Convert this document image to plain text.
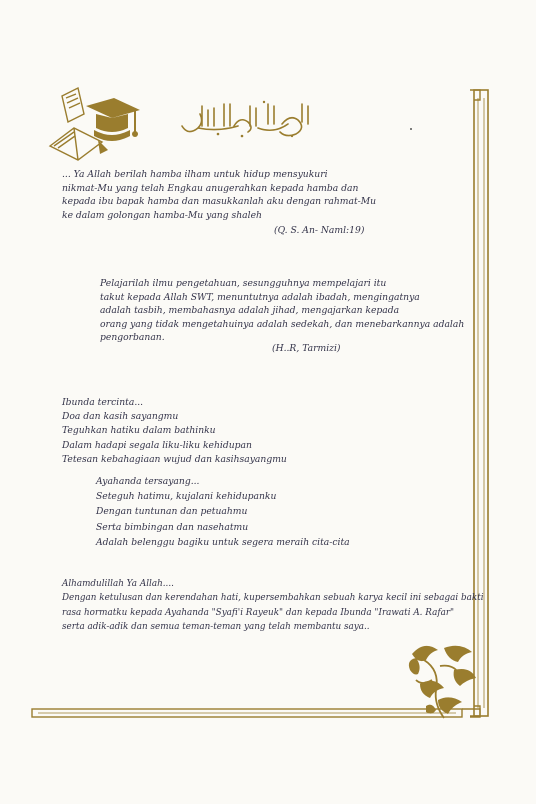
... Ya Allah berilah hamba ilham untuk hidup mensyukuri
nikmat-Mu yang telah Engkau anugerahkan kepada hamba dan
kepada ibu bapak hamba dan masukkanlah aku dengan rahmat-Mu
ke dalam golongan hamba-Mu yang shaleh
(Q. S. An- Naml:19)
Pelajarilah ilmu pengetahuan, sesungguhnya mempelajari itu
takut kepada Allah SWT, menuntutnya adalah ibadah, mengingatnya
adalah tasbih, membahasnya adalah jihad, mengajarkan kepada
orang yang tidak mengetahuinya adalah sedekah, dan menebarkannya adalah
pengorbanan.
(H..R, Tarmizi)
Ibunda tercinta...
Doa dan kasih sayangmu
Teguhkan hatiku dalam bathinku
Dalam hadapi segala liku-liku kehidupan
Tetesan kebahagiaan wujud dan kasihsayangmu
Ayahanda tersayang...
Seteguh hatimu, kujalani kehidupanku
Dengan tuntunan dan petuahmu
Serta bimbingan dan nasehatmu
Adalah belenggu bagiku untuk segera meraih cita-cita
Alhamdulillah Ya Allah....
Dengan ketulusan dan kerendahan hati, kupersembahkan sebuah karya kecil ini sebagai bakti
rasa hormatku kepada Ayahanda "Syafi'i Rayeuk" dan kepada Ibunda "Irawati A. Rafar"
serta adik-adik dan semua teman-teman yang telah membantu saya..
